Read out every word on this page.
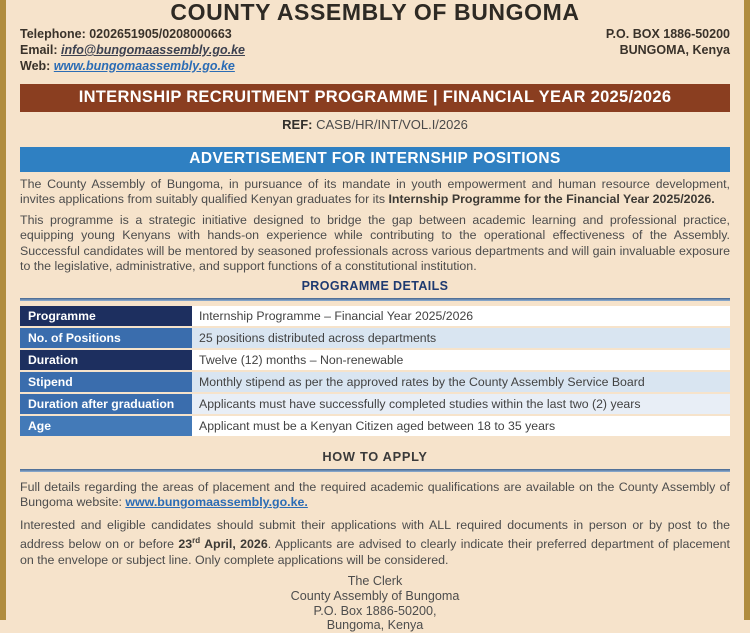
COUNTY ASSEMBLY OF BUNGOMA
Telephone: 0202651905/0208000663
Email: info@bungomaassembly.go.ke
Web: www.bungomaassembly.go.ke
P.O. BOX 1886-50200
BUNGOMA, Kenya
INTERNSHIP RECRUITMENT PROGRAMME | FINANCIAL YEAR 2025/2026
REF: CASB/HR/INT/VOL.I/2026
ADVERTISEMENT FOR INTERNSHIP POSITIONS
The County Assembly of Bungoma, in pursuance of its mandate in youth empowerment and human resource development, invites applications from suitably qualified Kenyan graduates for its Internship Programme for the Financial Year 2025/2026.
This programme is a strategic initiative designed to bridge the gap between academic learning and professional practice, equipping young Kenyans with hands-on experience while contributing to the operational effectiveness of the Assembly. Successful candidates will be mentored by seasoned professionals across various departments and will gain invaluable exposure to the legislative, administrative, and support functions of a constitutional institution.
PROGRAMME DETAILS
Programme	Internship Programme – Financial Year 2025/2026
No. of Positions	25 positions distributed across departments
Duration	Twelve (12) months – Non-renewable
Stipend	Monthly stipend as per the approved rates by the County Assembly Service Board
Duration after graduation	Applicants must have successfully completed studies within the last two (2) years
Age	Applicant must be a Kenyan Citizen aged between 18 to 35 years
HOW TO APPLY
Full details regarding the areas of placement and the required academic qualifications are available on the County Assembly of Bungoma website: www.bungomaassembly.go.ke.
Interested and eligible candidates should submit their applications with ALL required documents in person or by post to the address below on or before 23rd April, 2026. Applicants are advised to clearly indicate their preferred department of placement on the envelope or subject line. Only complete applications will be considered.
The Clerk
County Assembly of Bungoma
P.O. Box 1886-50200,
Bungoma, Kenya
